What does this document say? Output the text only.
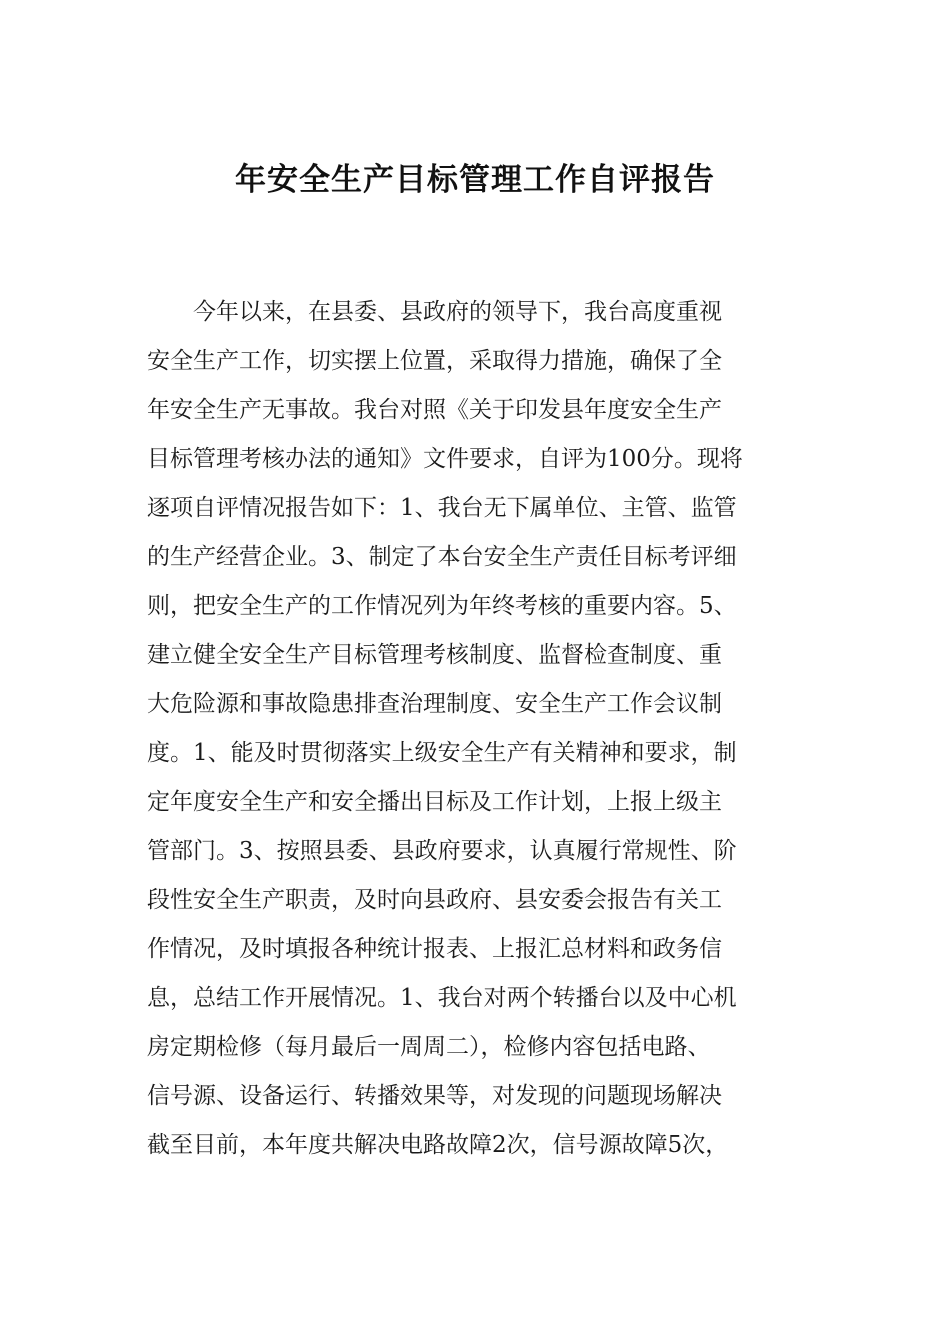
年安全生产目标管理工作自评报告
　　今年以来，在县委、县政府的领导下，我台高度重视
安全生产工作，切实摆上位置，采取得力措施，确保了全
年安全生产无事故。我台对照《关于印发县年度安全生产
目标管理考核办法的通知》文件要求，自评为100分。现将
逐项自评情况报告如下：1、我台无下属单位、主管、监管
的生产经营企业。3、制定了本台安全生产责任目标考评细
则，把安全生产的工作情况列为年终考核的重要内容。5、
建立健全安全生产目标管理考核制度、监督检查制度、重
大危险源和事故隐患排查治理制度、安全生产工作会议制
度。1、能及时贯彻落实上级安全生产有关精神和要求，制
定年度安全生产和安全播出目标及工作计划，上报上级主
管部门。3、按照县委、县政府要求，认真履行常规性、阶
段性安全生产职责，及时向县政府、县安委会报告有关工
作情况，及时填报各种统计报表、上报汇总材料和政务信
息，总结工作开展情况。1、我台对两个转播台以及中心机
房定期检修（每月最后一周周二），检修内容包括电路、
信号源、设备运行、转播效果等，对发现的问题现场解决
截至目前，本年度共解决电路故障2次，信号源故障5次，
